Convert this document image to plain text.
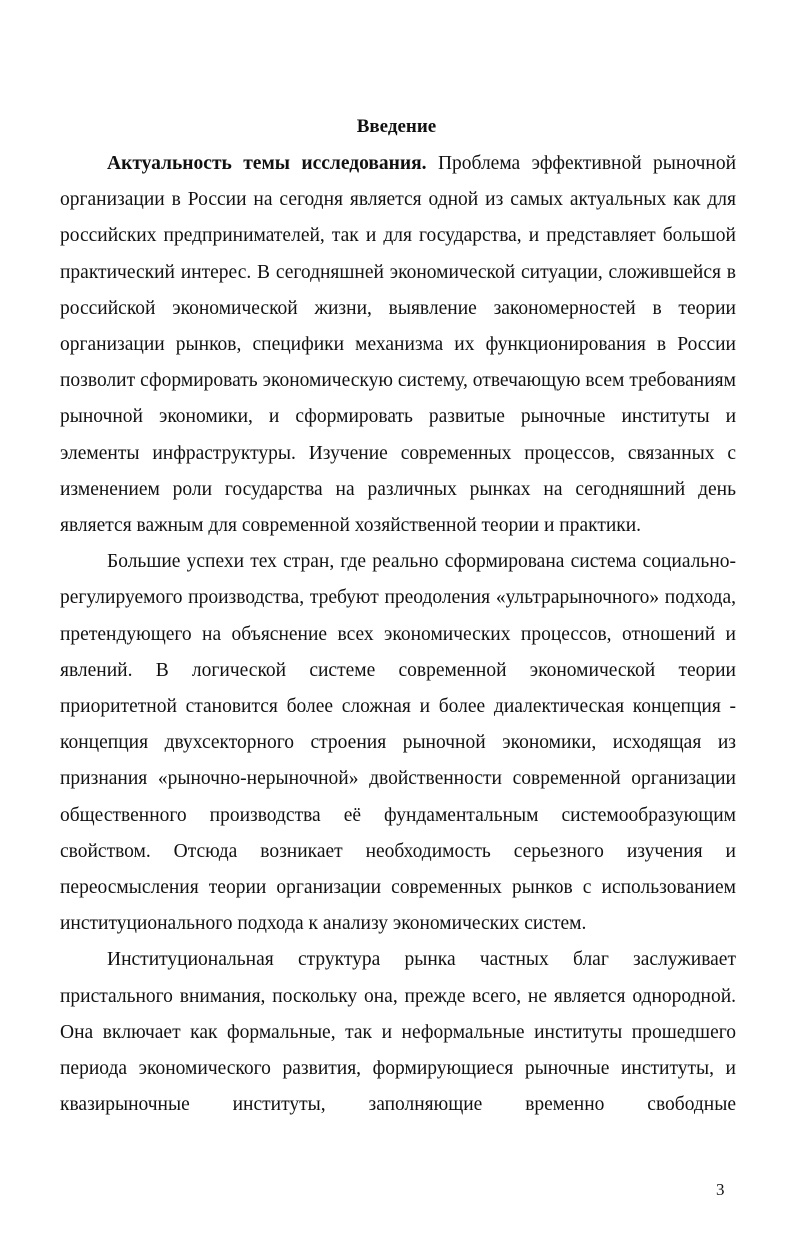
Введение

Актуальность темы исследования. Проблема эффективной рыночной организации в России на сегодня является одной из самых актуальных как для российских предпринимателей, так и для государства, и представляет большой практический интерес. В сегодняшней экономической ситуации, сложившейся в российской экономической жизни, выявление закономерностей в теории организации рынков, специфики механизма их функционирования в России позволит сформировать экономическую систему, отвечающую всем требованиям рыночной экономики, и сформировать развитые рыночные институты и элементы инфраструктуры. Изучение современных процессов, связанных с изменением роли государства на различных рынках на сегодняшний день является важным для современной хозяйственной теории и практики.

Большие успехи тех стран, где реально сформирована система социально-регулируемого производства, требуют преодоления «ультрарыночного» подхода, претендующего на объяснение всех экономических процессов, отношений и явлений. В логической системе современной экономической теории приоритетной становится более сложная и более диалектическая концепция - концепция двухсекторного строения рыночной экономики, исходящая из признания «рыночно-нерыночной» двойственности современной организации общественного производства её фундаментальным системообразующим свойством. Отсюда возникает необходимость серьезного изучения и переосмысления теории организации современных рынков с использованием институционального подхода к анализу экономических систем.

Институциональная структура рынка частных благ заслуживает пристального внимания, поскольку она, прежде всего, не является однородной. Она включает как формальные, так и неформальные институты прошедшего периода экономического развития, формирующиеся рыночные институты, и квазирыночные институты, заполняющие временно свободные

3
